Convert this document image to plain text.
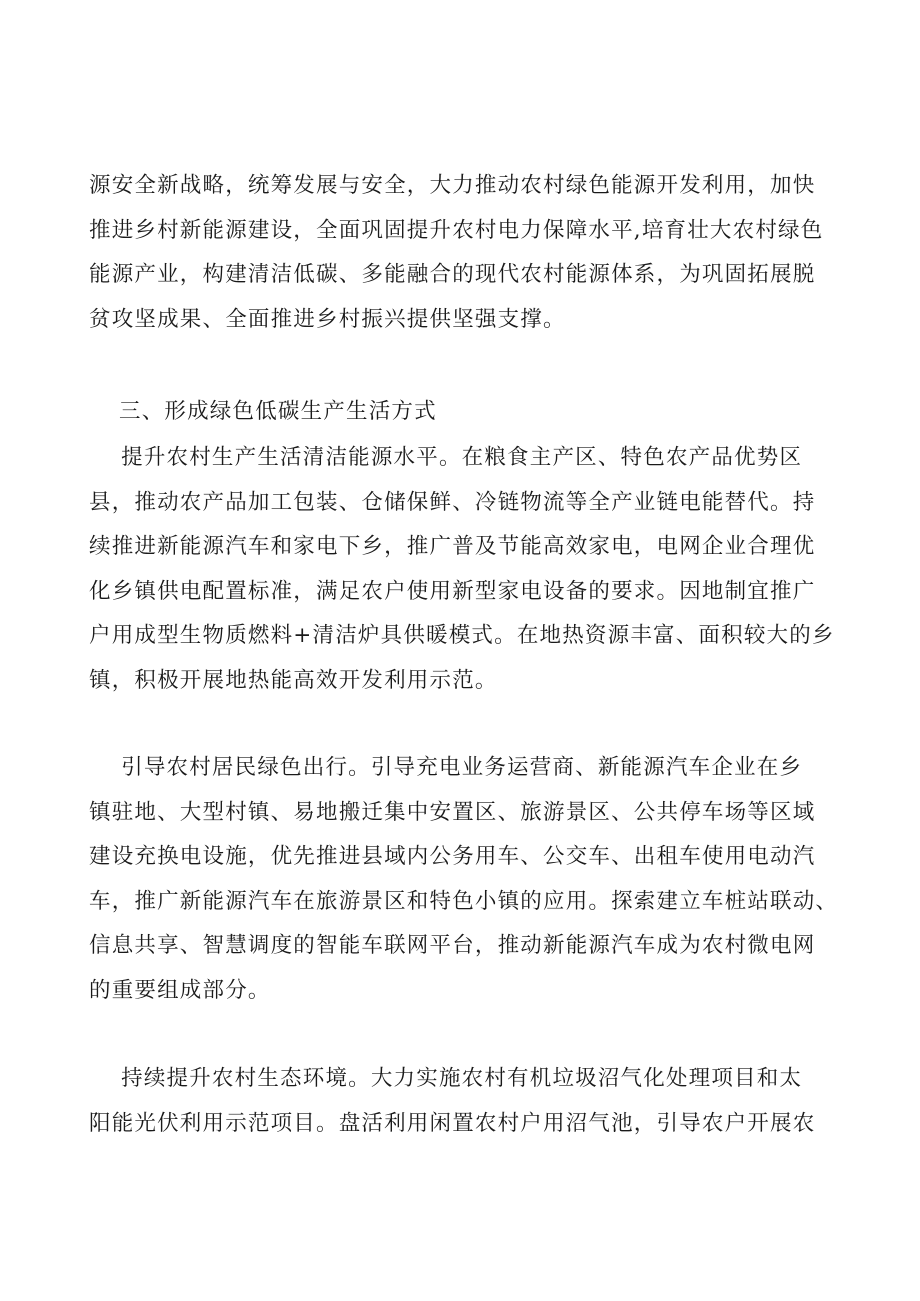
源安全新战略，统筹发展与安全，大力推动农村绿色能源开发利用，加快
推进乡村新能源建设，全面巩固提升农村电力保障水平,培育壮大农村绿色
能源产业，构建清洁低碳、多能融合的现代农村能源体系，为巩固拓展脱
贫攻坚成果、全面推进乡村振兴提供坚强支撑。
三、形成绿色低碳生产生活方式
提升农村生产生活清洁能源水平。在粮食主产区、特色农产品优势区
县，推动农产品加工包装、仓储保鲜、冷链物流等全产业链电能替代。持
续推进新能源汽车和家电下乡，推广普及节能高效家电，电网企业合理优
化乡镇供电配置标准，满足农户使用新型家电设备的要求。因地制宜推广
户用成型生物质燃料+清洁炉具供暖模式。在地热资源丰富、面积较大的乡
镇，积极开展地热能高效开发利用示范。
引导农村居民绿色出行。引导充电业务运营商、新能源汽车企业在乡
镇驻地、大型村镇、易地搬迁集中安置区、旅游景区、公共停车场等区域
建设充换电设施，优先推进县域内公务用车、公交车、出租车使用电动汽
车，推广新能源汽车在旅游景区和特色小镇的应用。探索建立车桩站联动、
信息共享、智慧调度的智能车联网平台，推动新能源汽车成为农村微电网
的重要组成部分。
持续提升农村生态环境。大力实施农村有机垃圾沼气化处理项目和太
阳能光伏利用示范项目。盘活利用闲置农村户用沼气池，引导农户开展农
